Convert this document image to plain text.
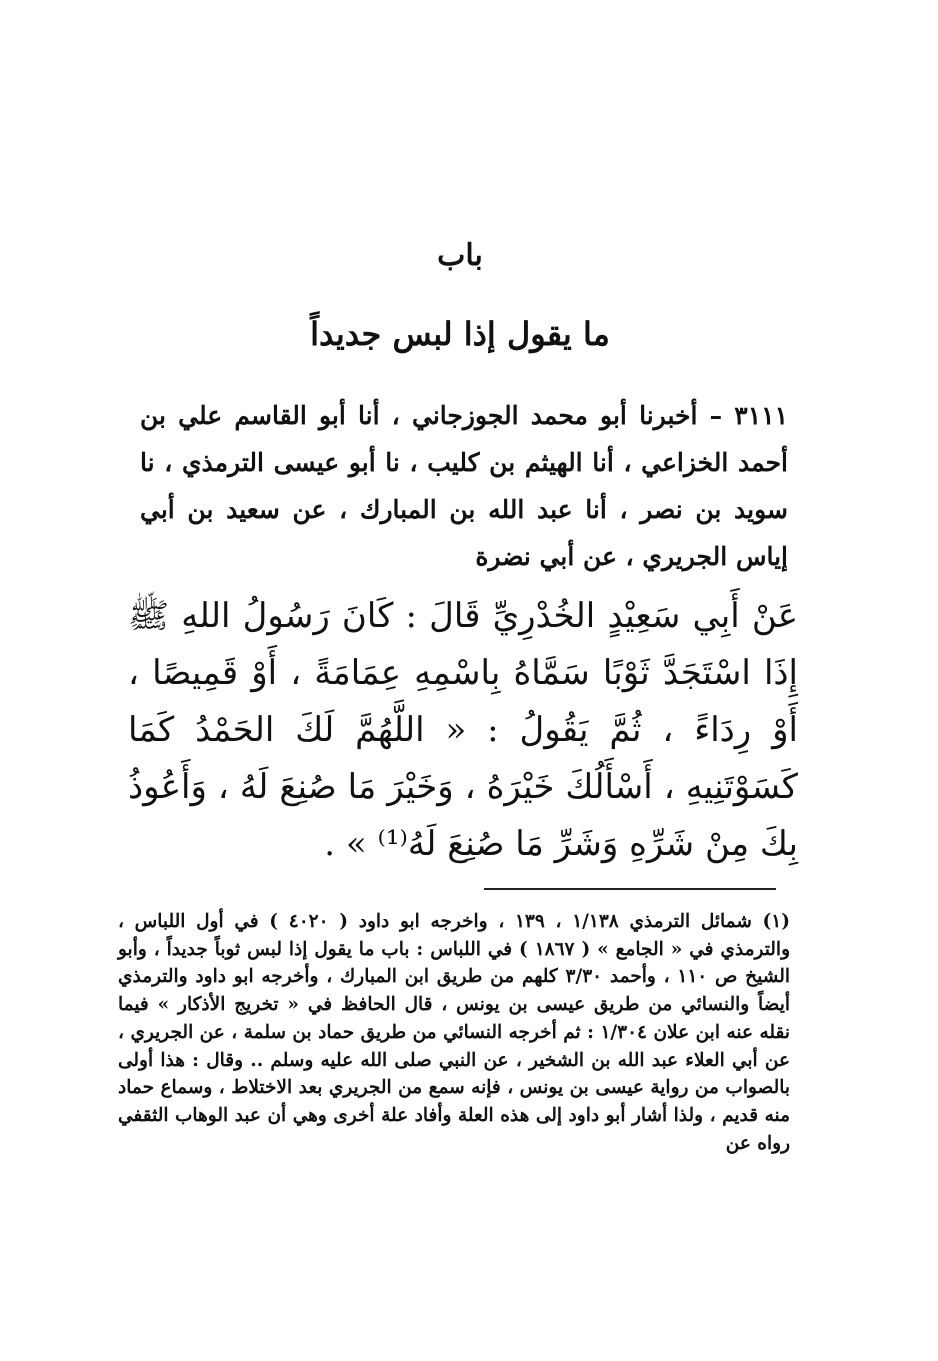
باب
ما يقول إذا لبس جديداً
٣١١١ – أخبرنا أبو محمد الجوزجاني ، أنا أبو القاسم علي بن أحمد الخزاعي ، أنا الهيثم بن كليب ، نا أبو عيسى الترمذي ، نا سويد بن نصر ، أنا عبد الله بن المبارك ، عن سعيد بن أبي إياس الجريري ، عن أبي نضرة
عَنْ أَبِي سَعِيْدٍ الخُدْرِيِّ قَالَ : كَانَ رَسُولُ اللهِ ﷺ إِذَا اسْتَجَدَّ ثَوْبًا سَمَّاهُ بِاسْمِهِ عِمَامَةً ، أَوْ قَمِيصًا ، أَوْ رِدَاءً ، ثُمَّ يَقُولُ : « اللَّهُمَّ لَكَ الحَمْدُ كَمَا كَسَوْتَنِيهِ ، أَسْأَلُكَ خَيْرَهُ ، وَخَيْرَ مَا صُنِعَ لَهُ ، وَأَعُوذُ بِكَ مِنْ شَرِّهِ وَشَرِّ مَا صُنِعَ لَهُ⁽¹⁾ » .
(١) شمائل الترمذي ١/١٣٨ ، ١٣٩ ، واخرجه ابو داود ( ٤٠٢٠ ) في أول اللباس ، والترمذي في « الجامع » ( ١٨٦٧ ) في اللباس : باب ما يقول إذا لبس ثوباً جديداً ، وأبو الشيخ ص ١١٠ ، وأحمد ٣/٣٠ كلهم من طريق ابن المبارك ، وأخرجه ابو داود والترمذي أيضاً والنسائي من طريق عيسى بن يونس ، قال الحافظ في « تخريج الأذكار » فيما نقله عنه ابن علان ١/٣٠٤ : ثم أخرجه النسائي من طريق حماد بن سلمة ، عن الجريري ، عن أبي العلاء عبد الله بن الشخير ، عن النبي صلى الله عليه وسلم .. وقال : هذا أولى بالصواب من رواية عيسى بن يونس ، فإنه سمع من الجريري بعد الاختلاط ، وسماع حماد منه قديم ، ولذا أشار أبو داود إلى هذه العلة وأفاد علة أخرى وهي أن عبد الوهاب الثقفي رواه عن
